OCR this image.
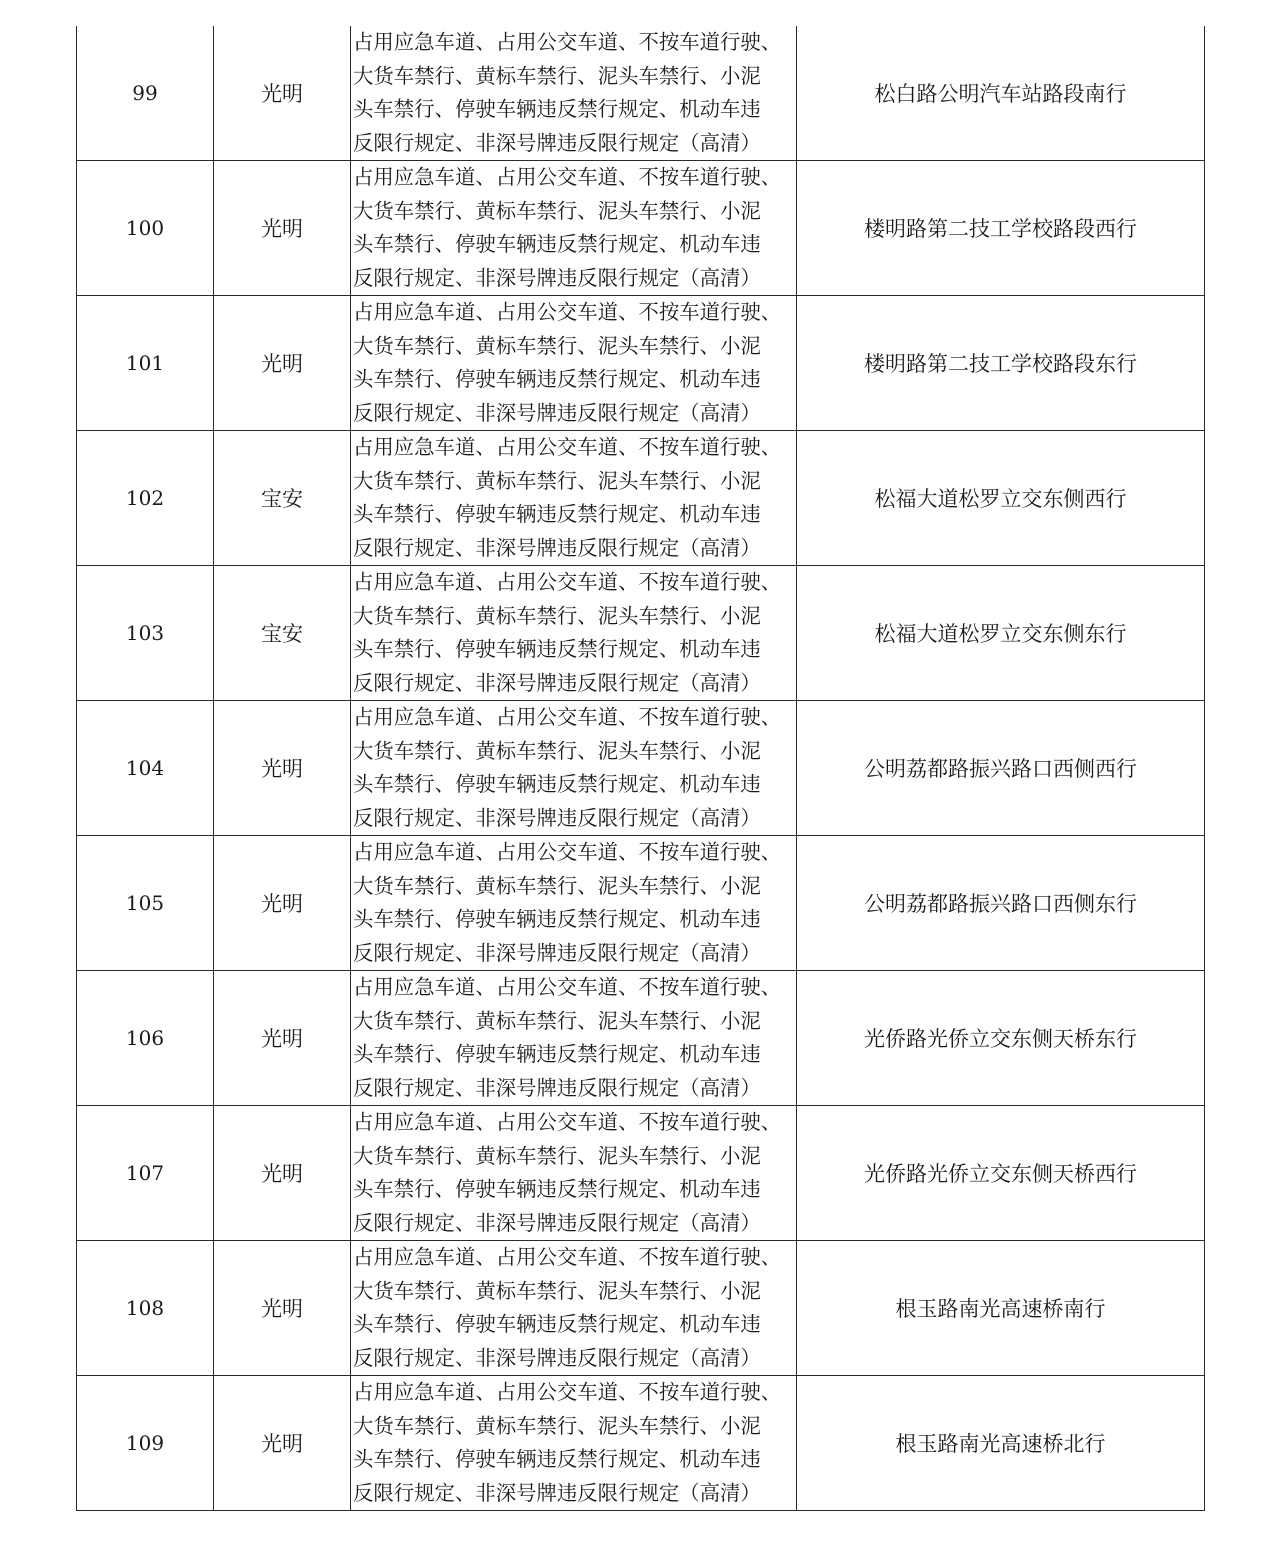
99	光明	占用应急车道、占用公交车道、不按车道行驶、
大货车禁行、黄标车禁行、泥头车禁行、小泥
头车禁行、停驶车辆违反禁行规定、机动车违
反限行规定、非深号牌违反限行规定（高清）	松白路公明汽车站路段南行
100	光明	占用应急车道、占用公交车道、不按车道行驶、
大货车禁行、黄标车禁行、泥头车禁行、小泥
头车禁行、停驶车辆违反禁行规定、机动车违
反限行规定、非深号牌违反限行规定（高清）	楼明路第二技工学校路段西行
101	光明	占用应急车道、占用公交车道、不按车道行驶、
大货车禁行、黄标车禁行、泥头车禁行、小泥
头车禁行、停驶车辆违反禁行规定、机动车违
反限行规定、非深号牌违反限行规定（高清）	楼明路第二技工学校路段东行
102	宝安	占用应急车道、占用公交车道、不按车道行驶、
大货车禁行、黄标车禁行、泥头车禁行、小泥
头车禁行、停驶车辆违反禁行规定、机动车违
反限行规定、非深号牌违反限行规定（高清）	松福大道松罗立交东侧西行
103	宝安	占用应急车道、占用公交车道、不按车道行驶、
大货车禁行、黄标车禁行、泥头车禁行、小泥
头车禁行、停驶车辆违反禁行规定、机动车违
反限行规定、非深号牌违反限行规定（高清）	松福大道松罗立交东侧东行
104	光明	占用应急车道、占用公交车道、不按车道行驶、
大货车禁行、黄标车禁行、泥头车禁行、小泥
头车禁行、停驶车辆违反禁行规定、机动车违
反限行规定、非深号牌违反限行规定（高清）	公明荔都路振兴路口西侧西行
105	光明	占用应急车道、占用公交车道、不按车道行驶、
大货车禁行、黄标车禁行、泥头车禁行、小泥
头车禁行、停驶车辆违反禁行规定、机动车违
反限行规定、非深号牌违反限行规定（高清）	公明荔都路振兴路口西侧东行
106	光明	占用应急车道、占用公交车道、不按车道行驶、
大货车禁行、黄标车禁行、泥头车禁行、小泥
头车禁行、停驶车辆违反禁行规定、机动车违
反限行规定、非深号牌违反限行规定（高清）	光侨路光侨立交东侧天桥东行
107	光明	占用应急车道、占用公交车道、不按车道行驶、
大货车禁行、黄标车禁行、泥头车禁行、小泥
头车禁行、停驶车辆违反禁行规定、机动车违
反限行规定、非深号牌违反限行规定（高清）	光侨路光侨立交东侧天桥西行
108	光明	占用应急车道、占用公交车道、不按车道行驶、
大货车禁行、黄标车禁行、泥头车禁行、小泥
头车禁行、停驶车辆违反禁行规定、机动车违
反限行规定、非深号牌违反限行规定（高清）	根玉路南光高速桥南行
109	光明	占用应急车道、占用公交车道、不按车道行驶、
大货车禁行、黄标车禁行、泥头车禁行、小泥
头车禁行、停驶车辆违反禁行规定、机动车违
反限行规定、非深号牌违反限行规定（高清）	根玉路南光高速桥北行
